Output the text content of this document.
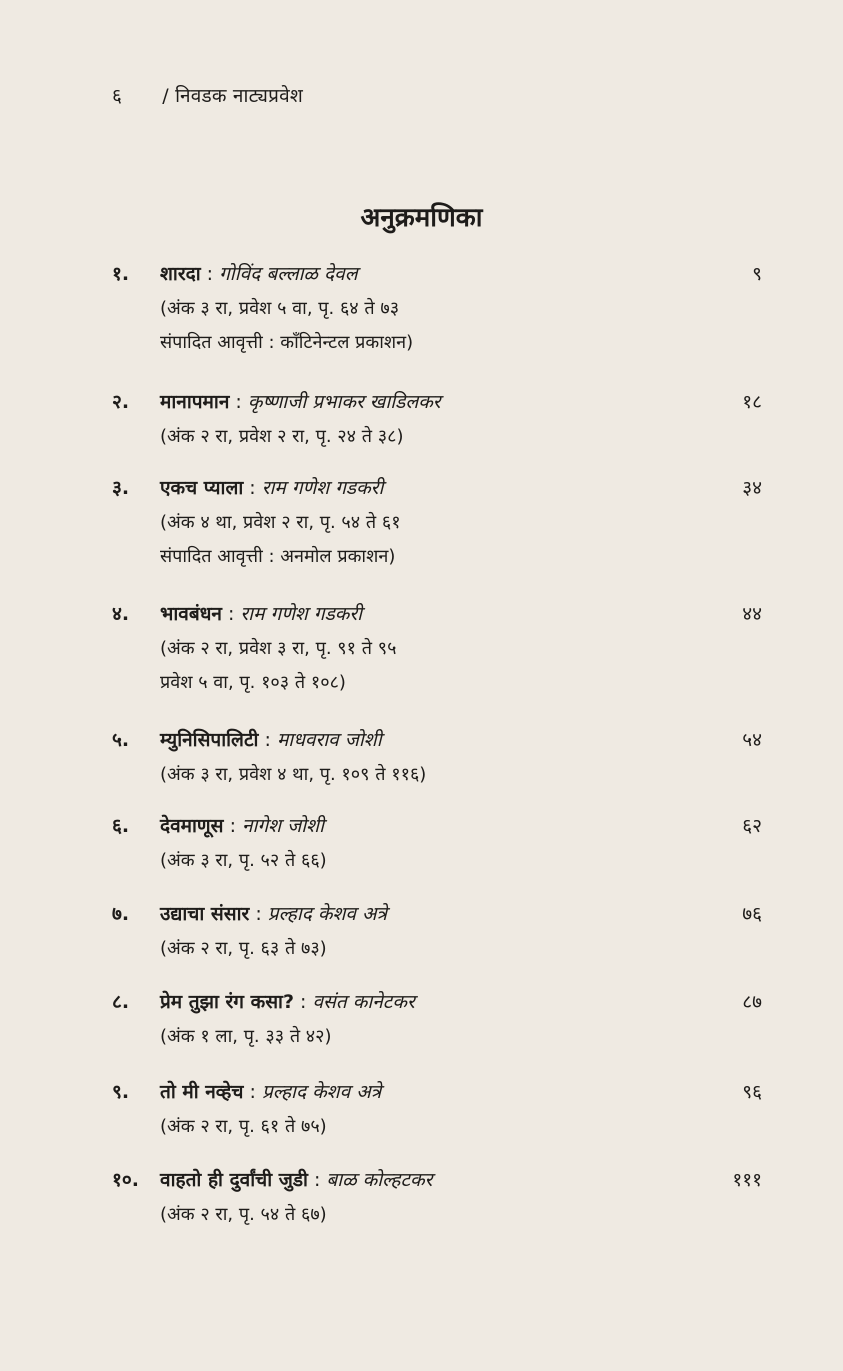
६ / निवडक नाट्यप्रवेश
अनुक्रमणिका
१. शारदा : गोविंद बल्लाळ देवल	९
(अंक ३ रा, प्रवेश ५ वा, पृ. ६४ ते ७३
संपादित आवृत्ती : कॉंटिनेन्टल प्रकाशन)
२. मानापमान : कृष्णाजी प्रभाकर खाडिलकर	१८
(अंक २ रा, प्रवेश २ रा, पृ. २४ ते ३८)
३. एकच प्याला : राम गणेश गडकरी	३४
(अंक ४ था, प्रवेश २ रा, पृ. ५४ ते ६१
संपादित आवृत्ती : अनमोल प्रकाशन)
४. भावबंधन : राम गणेश गडकरी	४४
(अंक २ रा, प्रवेश ३ रा, पृ. ९१ ते ९५
प्रवेश ५ वा, पृ. १०३ ते १०८)
५. म्युनिसिपालिटी : माधवराव जोशी	५४
(अंक ३ रा, प्रवेश ४ था, पृ. १०९ ते ११६)
६. देवमाणूस : नागेश जोशी	६२
(अंक ३ रा, पृ. ५२ ते ६६)
७. उद्याचा संसार : प्रल्हाद केशव अत्रे	७६
(अंक २ रा, पृ. ६३ ते ७३)
८. प्रेम तुझा रंग कसा? : वसंत कानेटकर	८७
(अंक १ ला, पृ. ३३ ते ४२)
९. तो मी नव्हेच : प्रल्हाद केशव अत्रे	९६
(अंक २ रा, पृ. ६१ ते ७५)
१०. वाहतो ही दुर्वांची जुडी : बाळ कोल्हटकर	१११
(अंक २ रा, पृ. ५४ ते ६७)
